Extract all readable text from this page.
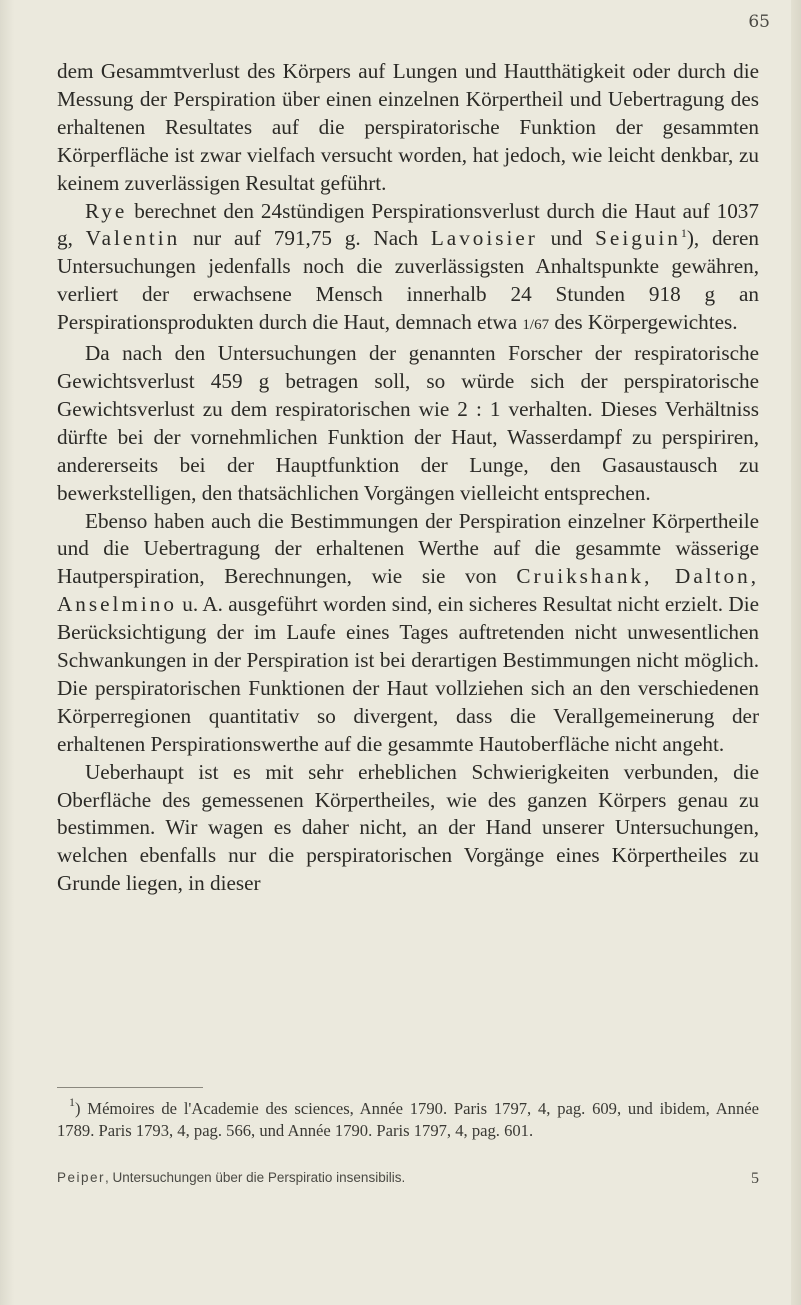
65

dem Gesammtverlust des Körpers auf Lungen und Hautthätigkeit oder durch die Messung der Perspiration über einen einzelnen Körpertheil und Uebertragung des erhaltenen Resultates auf die perspiratorische Funktion der gesammten Körperfläche ist zwar vielfach versucht worden, hat jedoch, wie leicht denkbar, zu keinem zuverlässigen Resultat geführt.

Rye berechnet den 24stündigen Perspirationsverlust durch die Haut auf 1037 g, Valentin nur auf 791,75 g. Nach Lavoisier und Seiguin$^1$), deren Untersuchungen jedenfalls noch die zuverlässigsten Anhaltspunkte gewähren, verliert der erwachsene Mensch innerhalb 24 Stunden 918 g an Perspirationsprodukten durch die Haut, demnach etwa 1/67 des Körpergewichtes.

Da nach den Untersuchungen der genannten Forscher der respiratorische Gewichtsverlust 459 g betragen soll, so würde sich der perspiratorische Gewichtsverlust zu dem respiratorischen wie 2 : 1 verhalten. Dieses Verhältniss dürfte bei der vornehmlichen Funktion der Haut, Wasserdampf zu perspiriren, andererseits bei der Hauptfunktion der Lunge, den Gasaustausch zu bewerkstelligen, den thatsächlichen Vorgängen vielleicht entsprechen.

Ebenso haben auch die Bestimmungen der Perspiration einzelner Körpertheile und die Uebertragung der erhaltenen Werthe auf die gesammte wässerige Hautperspiration, Berechnungen, wie sie von Cruikshank, Dalton, Anselmino u. A. ausgeführt worden sind, ein sicheres Resultat nicht erzielt. Die Berücksichtigung der im Laufe eines Tages auftretenden nicht unwesentlichen Schwankungen in der Perspiration ist bei derartigen Bestimmungen nicht möglich. Die perspiratorischen Funktionen der Haut vollziehen sich an den verschiedenen Körperregionen quantitativ so divergent, dass die Verallgemeinerung der erhaltenen Perspirationswerthe auf die gesammte Hautoberfläche nicht angeht.

Ueberhaupt ist es mit sehr erheblichen Schwierigkeiten verbunden, die Oberfläche des gemessenen Körpertheiles, wie des ganzen Körpers genau zu bestimmen. Wir wagen es daher nicht, an der Hand unserer Untersuchungen, welchen ebenfalls nur die perspiratorischen Vorgänge eines Körpertheiles zu Grunde liegen, in dieser

$^1$) Mémoires de l'Academie des sciences, Année 1790. Paris 1797, 4, pag. 609, und ibidem, Année 1789. Paris 1793, 4, pag. 566, und Année 1790. Paris 1797, 4, pag. 601.

Peiper, Untersuchungen über die Perspiratio insensibilis.	5
